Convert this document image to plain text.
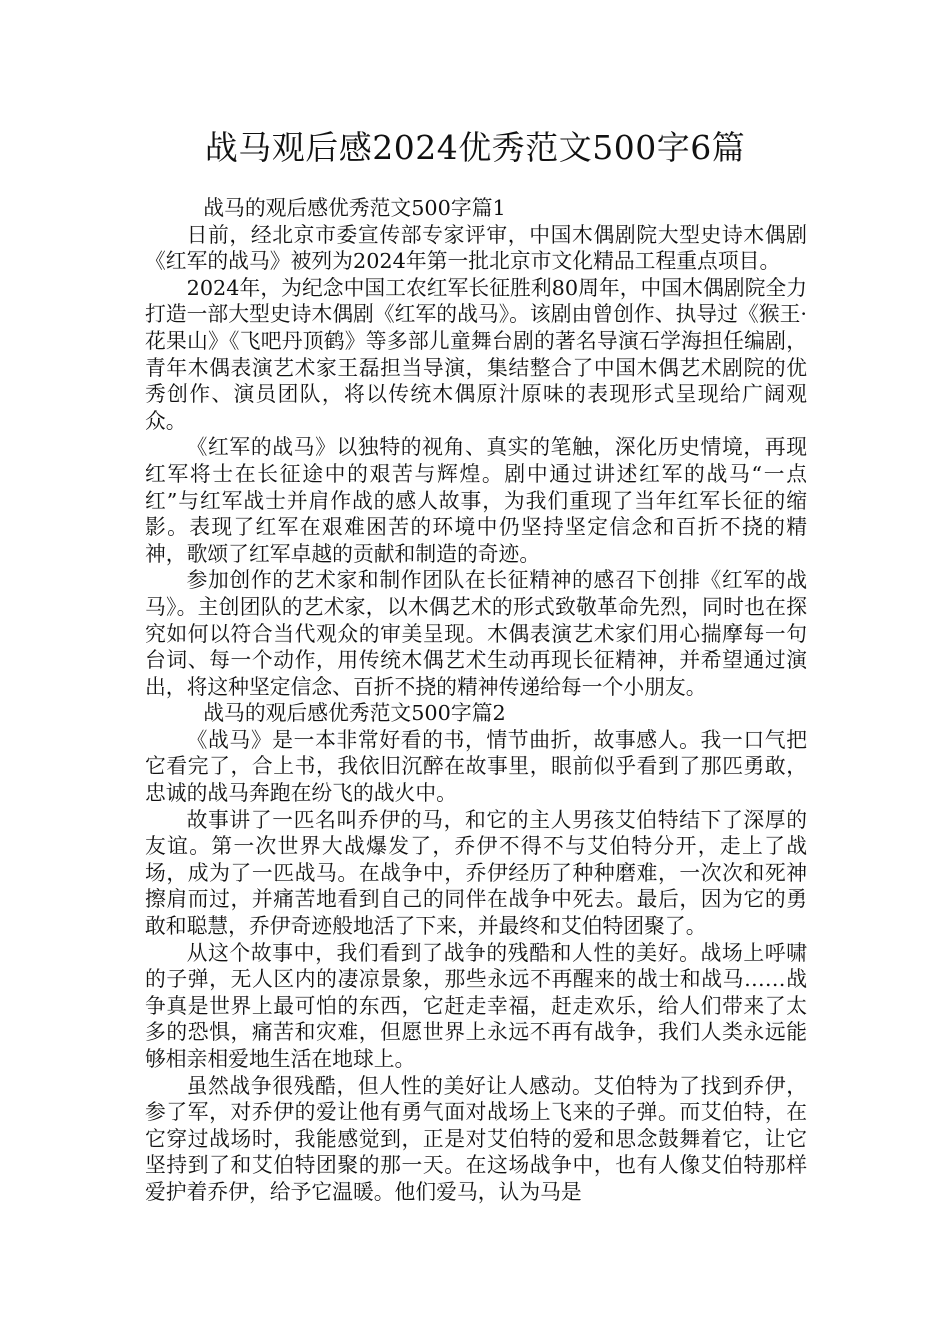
战马观后感2024优秀范文500字6篇

战马的观后感优秀范文500字篇1

日前，经北京市委宣传部专家评审，中国木偶剧院大型史诗木偶剧《红军的战马》被列为2024年第一批北京市文化精品工程重点项目。

2024年，为纪念中国工农红军长征胜利80周年，中国木偶剧院全力打造一部大型史诗木偶剧《红军的战马》。该剧由曾创作、执导过《猴王·花果山》《飞吧丹顶鹤》等多部儿童舞台剧的著名导演石学海担任编剧，青年木偶表演艺术家王磊担当导演，集结整合了中国木偶艺术剧院的优秀创作、演员团队，将以传统木偶原汁原味的表现形式呈现给广阔观众。

《红军的战马》以独特的视角、真实的笔触，深化历史情境，再现红军将士在长征途中的艰苦与辉煌。剧中通过讲述红军的战马“一点红”与红军战士并肩作战的感人故事，为我们重现了当年红军长征的缩影。表现了红军在艰难困苦的环境中仍坚持坚定信念和百折不挠的精神，歌颂了红军卓越的贡献和制造的奇迹。

参加创作的艺术家和制作团队在长征精神的感召下创排《红军的战马》。主创团队的艺术家，以木偶艺术的形式致敬革命先烈，同时也在探究如何以符合当代观众的审美呈现。木偶表演艺术家们用心揣摩每一句台词、每一个动作，用传统木偶艺术生动再现长征精神，并希望通过演出，将这种坚定信念、百折不挠的精神传递给每一个小朋友。

战马的观后感优秀范文500字篇2

《战马》是一本非常好看的书，情节曲折，故事感人。我一口气把它看完了，合上书，我依旧沉醉在故事里，眼前似乎看到了那匹勇敢，忠诚的战马奔跑在纷飞的战火中。

故事讲了一匹名叫乔伊的马，和它的主人男孩艾伯特结下了深厚的友谊。第一次世界大战爆发了，乔伊不得不与艾伯特分开，走上了战场，成为了一匹战马。在战争中，乔伊经历了种种磨难，一次次和死神擦肩而过，并痛苦地看到自己的同伴在战争中死去。最后，因为它的勇敢和聪慧，乔伊奇迹般地活了下来，并最终和艾伯特团聚了。

从这个故事中，我们看到了战争的残酷和人性的美好。战场上呼啸的子弹，无人区内的凄凉景象，那些永远不再醒来的战士和战马……战争真是世界上最可怕的东西，它赶走幸福，赶走欢乐，给人们带来了太多的恐惧，痛苦和灾难，但愿世界上永远不再有战争，我们人类永远能够相亲相爱地生活在地球上。

虽然战争很残酷，但人性的美好让人感动。艾伯特为了找到乔伊，参了军，对乔伊的爱让他有勇气面对战场上飞来的子弹。而艾伯特，在它穿过战场时，我能感觉到，正是对艾伯特的爱和思念鼓舞着它，让它坚持到了和艾伯特团聚的那一天。在这场战争中，也有人像艾伯特那样爱护着乔伊，给予它温暖。他们爱马，认为马是
